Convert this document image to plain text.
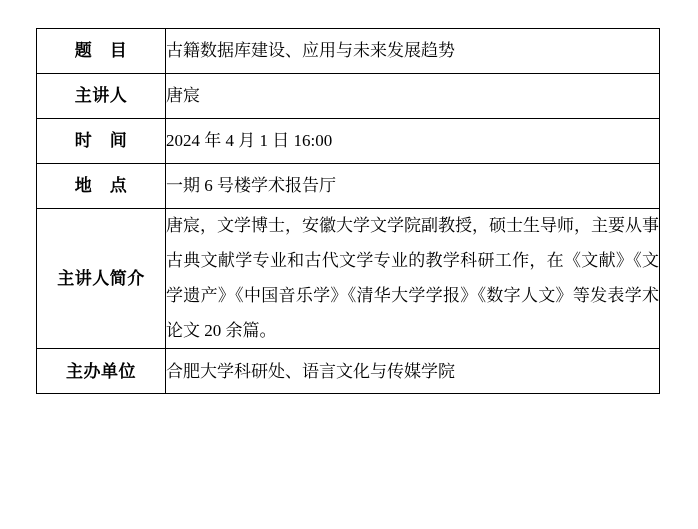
题　目	古籍数据库建设、应用与未来发展趋势
主讲人	唐宸
时　间	2024 年 4 月 1 日 16:00
地　点	一期 6 号楼学术报告厅
主讲人简介	唐宸，文学博士，安徽大学文学院副教授，硕士生导师，主要从事古典文献学专业和古代文学专业的教学科研工作，在《文献》《文学遗产》《中国音乐学》《清华大学学报》《数字人文》等发表学术论文 20 余篇。
主办单位	合肥大学科研处、语言文化与传媒学院
